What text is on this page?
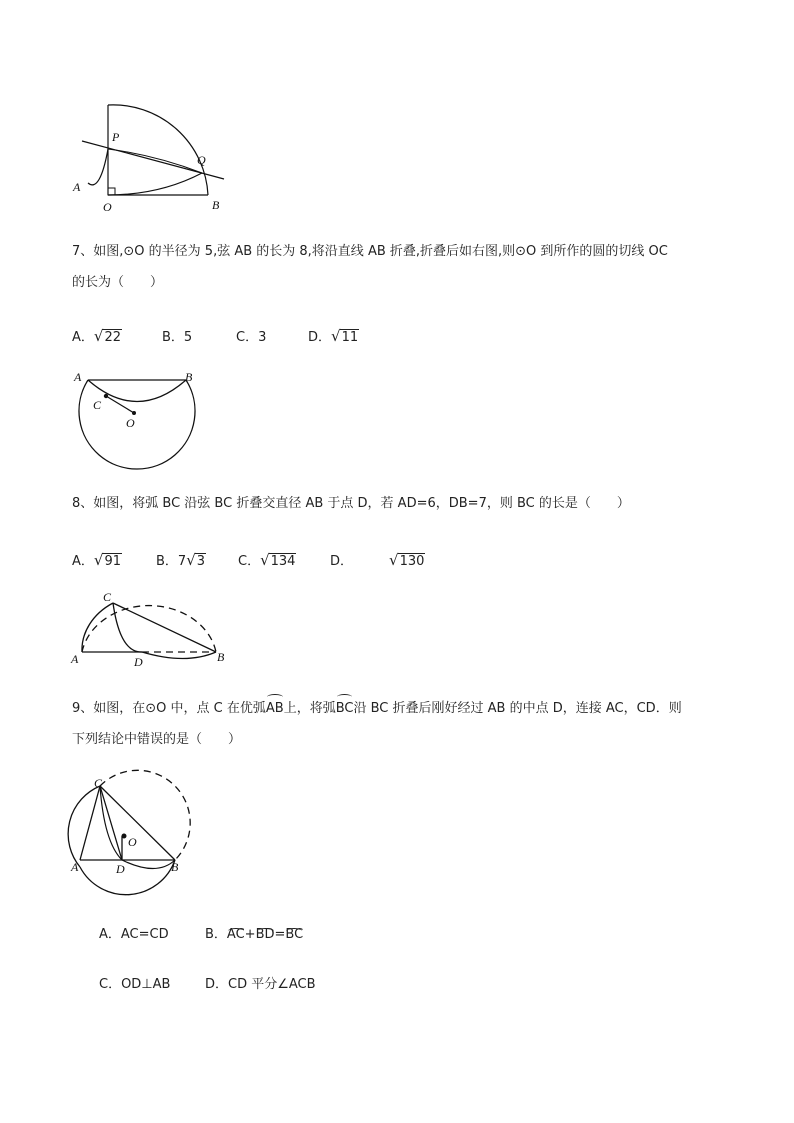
P
Q
A
O	B
7、如图,⊙O 的半径为 5,弦 AB 的长为 8,将沿直线 AB 折叠,折叠后如右图,则⊙O 到所作的圆的切线 OC
的长为（　　）
A．√22	B．5	C．3	D．√11
A	B
C
O
8、如图，将弧 BC 沿弦 BC 折叠交直径 AB 于点 D，若 AD=6，DB=7，则 BC 的长是（　　）
A．√91	B．7√3	C．√134	D． √130
C
A	D	B
9、如图，在⊙O 中，点 C 在优弧AB上，将弧BC沿 BC 折叠后刚好经过 AB 的中点 D，连接 AC，CD．则
下列结论中错误的是（　　）
C
O
A	D	B
A．AC=CD	B．AC+BD=BC
C．OD⊥AB	D．CD 平分∠ACB
